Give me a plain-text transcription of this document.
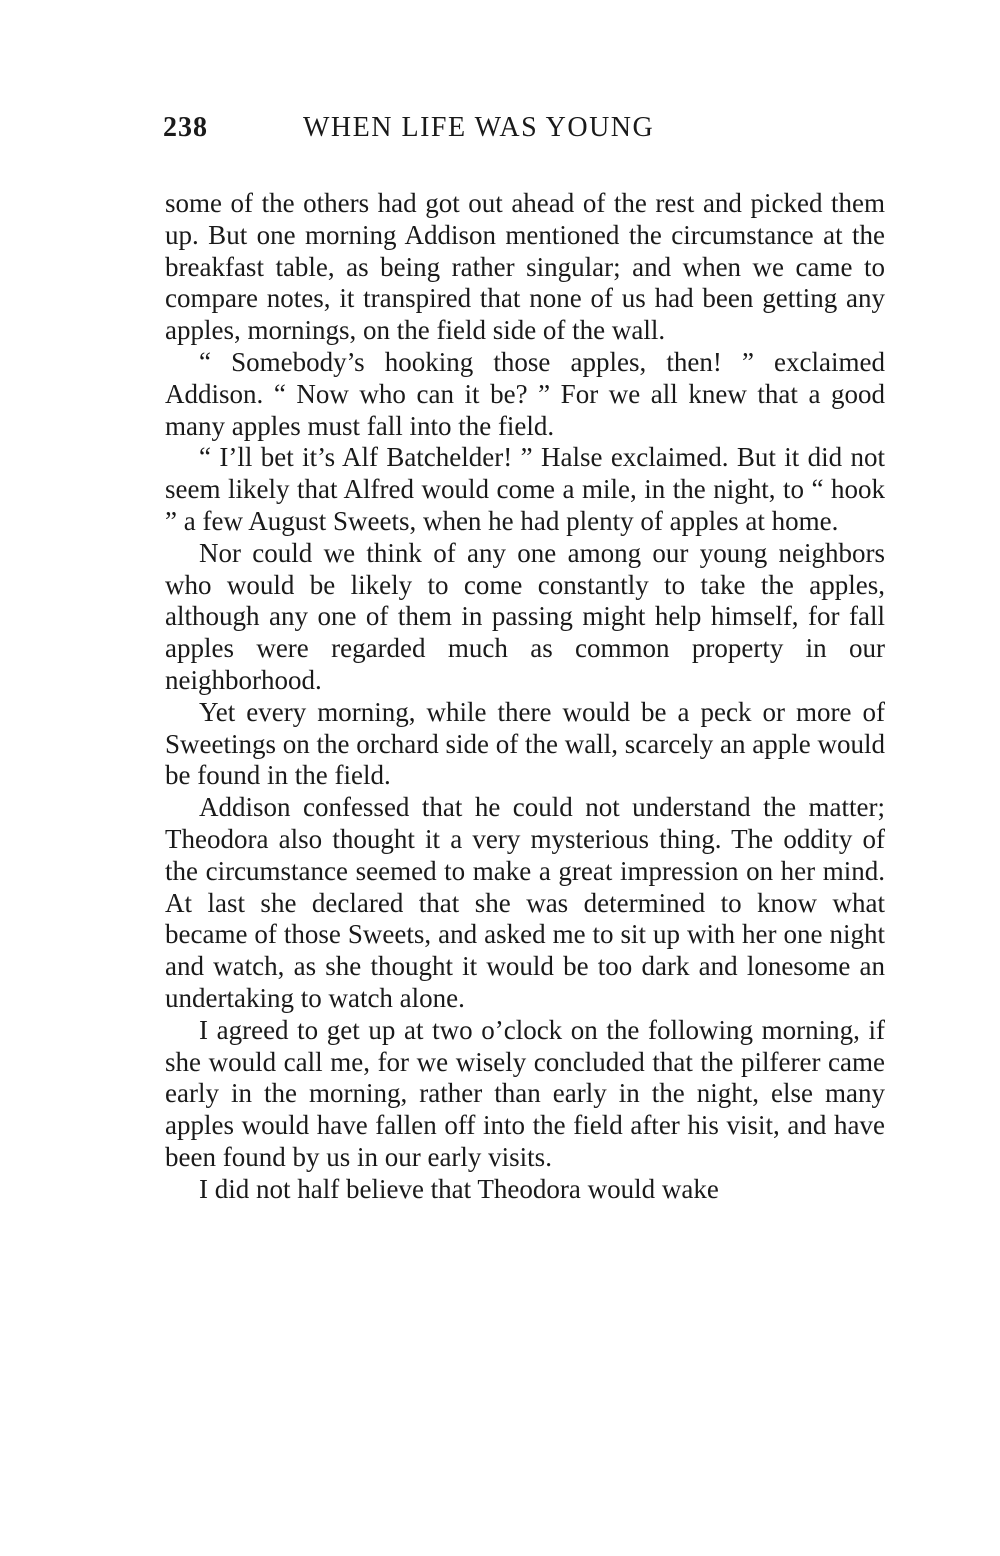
238	WHEN LIFE WAS YOUNG

some of the others had got out ahead of the rest and picked them up. But one morning Addison mentioned the circumstance at the breakfast table, as being rather singular; and when we came to compare notes, it transpired that none of us had been getting any apples, mornings, on the field side of the wall.

“ Somebody’s hooking those apples, then! ” exclaimed Addison. “ Now who can it be? ” For we all knew that a good many apples must fall into the field.

“ I’ll bet it’s Alf Batchelder! ” Halse exclaimed. But it did not seem likely that Alfred would come a mile, in the night, to “ hook ” a few August Sweets, when he had plenty of apples at home.

Nor could we think of any one among our young neighbors who would be likely to come constantly to take the apples, although any one of them in passing might help himself, for fall apples were regarded much as common property in our neighborhood.

Yet every morning, while there would be a peck or more of Sweetings on the orchard side of the wall, scarcely an apple would be found in the field.

Addison confessed that he could not understand the matter; Theodora also thought it a very mysterious thing. The oddity of the circumstance seemed to make a great impression on her mind. At last she declared that she was determined to know what became of those Sweets, and asked me to sit up with her one night and watch, as she thought it would be too dark and lonesome an undertaking to watch alone.

I agreed to get up at two o’clock on the following morning, if she would call me, for we wisely concluded that the pilferer came early in the morning, rather than early in the night, else many apples would have fallen off into the field after his visit, and have been found by us in our early visits.

I did not half believe that Theodora would wake
